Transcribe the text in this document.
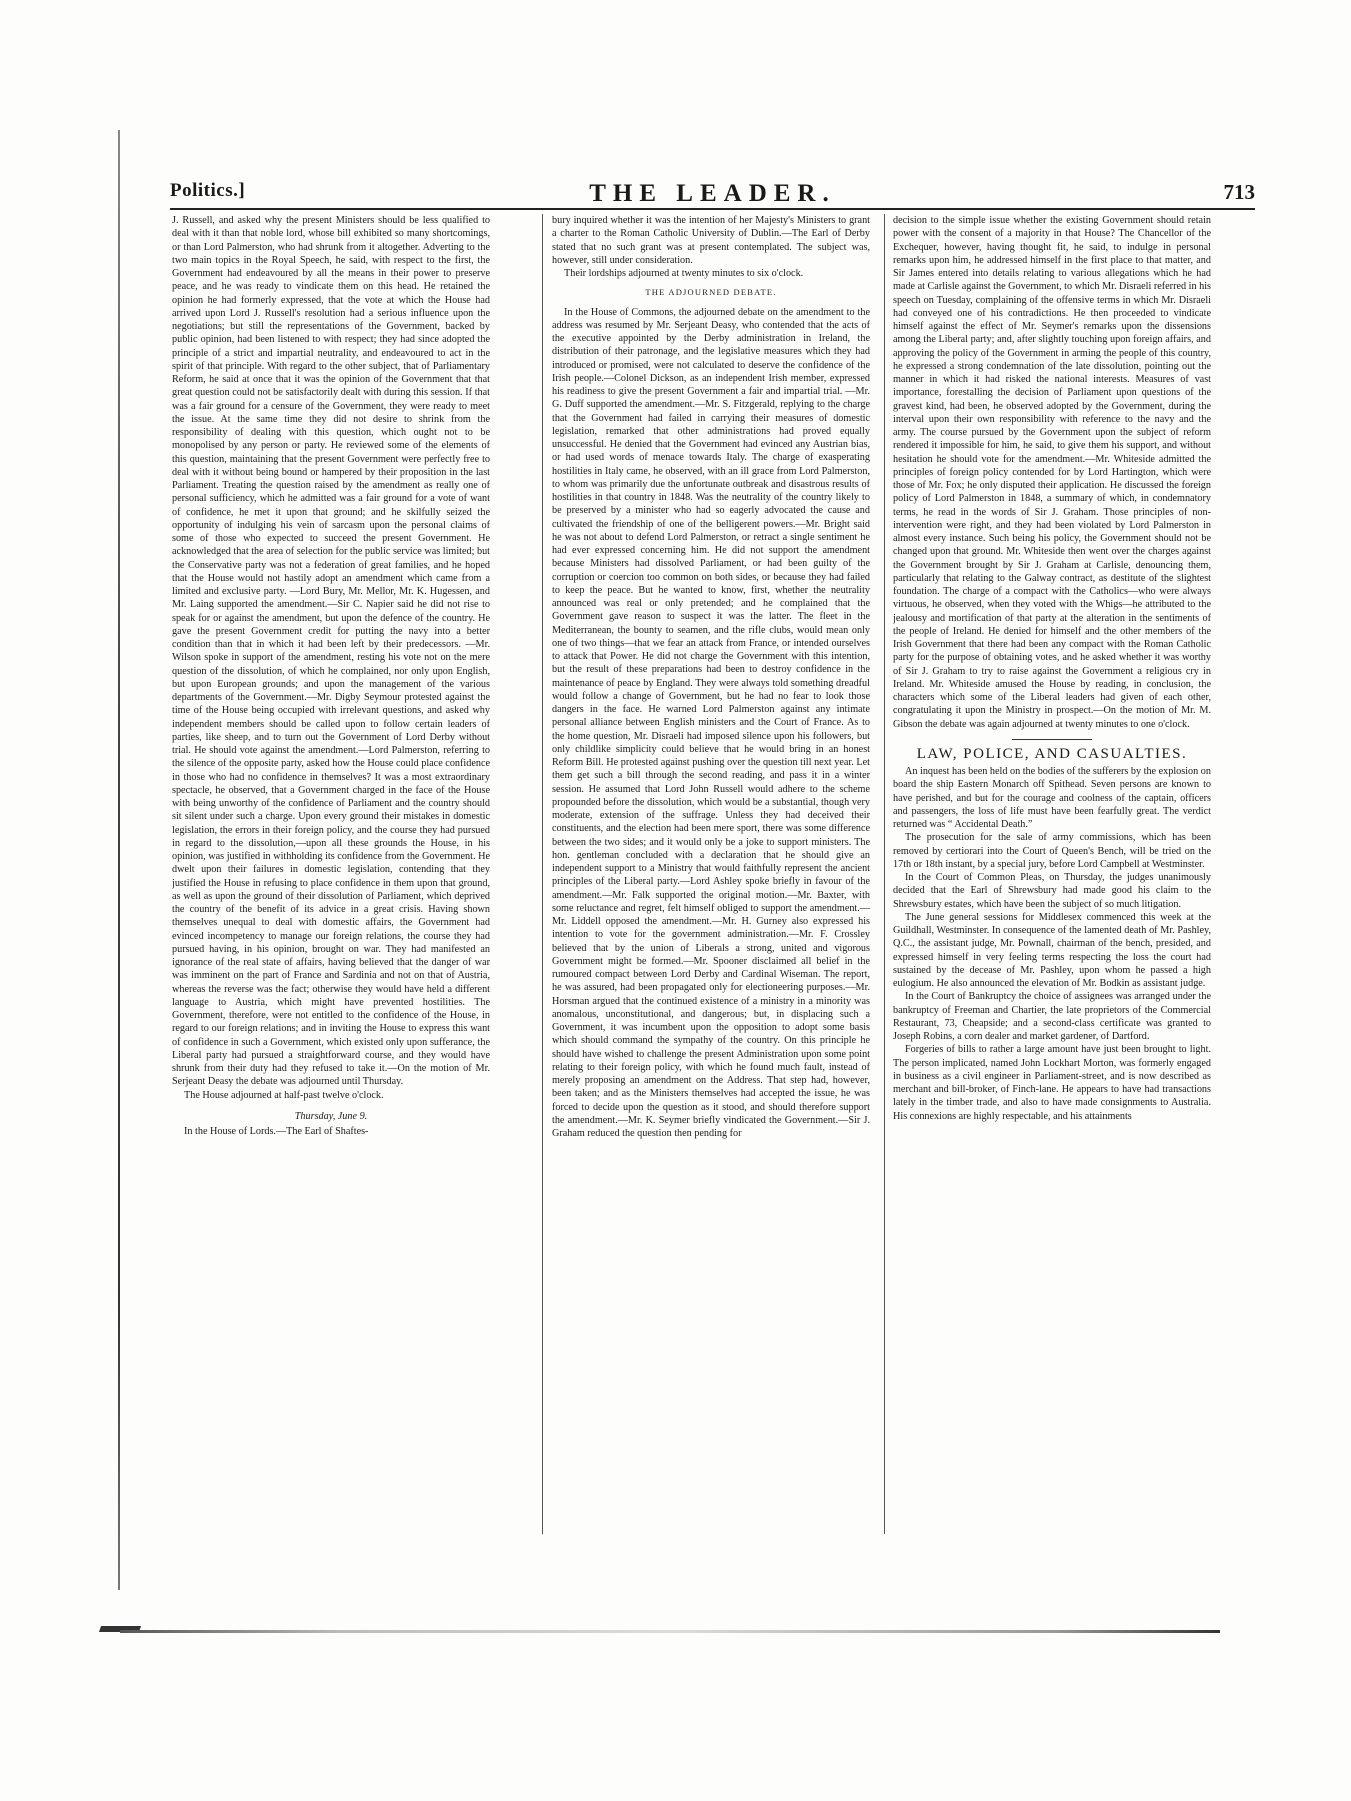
Politics.]	THE LEADER.	713

J. Russell, and asked why the present Ministers should be less qualified to deal with it than that noble lord, whose bill exhibited so many shortcomings, or than Lord Palmerston, who had shrunk from it altogether. Adverting to the two main topics in the Royal Speech, he said, with respect to the first, the Government had endeavoured by all the means in their power to preserve peace, and he was ready to vindicate them on this head. He retained the opinion he had formerly expressed, that the vote at which the House had arrived upon Lord J. Russell's resolution had a serious influence upon the negotiations; but still the representations of the Government, backed by public opinion, had been listened to with respect; they had since adopted the principle of a strict and impartial neutrality, and endeavoured to act in the spirit of that principle. With regard to the other subject, that of Parliamentary Reform, he said at once that it was the opinion of the Government that that great question could not be satisfactorily dealt with during this session. If that was a fair ground for a censure of the Government, they were ready to meet the issue. At the same time they did not desire to shrink from the responsibility of dealing with this question, which ought not to be monopolised by any person or party. He reviewed some of the elements of this question, maintaining that the present Government were perfectly free to deal with it without being bound or hampered by their proposition in the last Parliament. Treating the question raised by the amendment as really one of personal sufficiency, which he admitted was a fair ground for a vote of want of confidence, he met it upon that ground; and he skilfully seized the opportunity of indulging his vein of sarcasm upon the personal claims of some of those who expected to succeed the present Government. He acknowledged that the area of selection for the public service was limited; but the Conservative party was not a federation of great families, and he hoped that the House would not hastily adopt an amendment which came from a limited and exclusive party. —Lord Bury, Mr. Mellor, Mr. K. Hugessen, and Mr. Laing supported the amendment.—Sir C. Napier said he did not rise to speak for or against the amendment, but upon the defence of the country. He gave the present Government credit for putting the navy into a better condition than that in which it had been left by their predecessors. —Mr. Wilson spoke in support of the amendment, resting his vote not on the mere question of the dissolution, of which he complained, nor only upon English, but upon European grounds; and upon the management of the various departments of the Government.—Mr. Digby Seymour protested against the time of the House being occupied with irrelevant questions, and asked why independent members should be called upon to follow certain leaders of parties, like sheep, and to turn out the Government of Lord Derby without trial. He should vote against the amendment.—Lord Palmerston, referring to the silence of the opposite party, asked how the House could place confidence in those who had no confidence in themselves? It was a most extraordinary spectacle, he observed, that a Government charged in the face of the House with being unworthy of the confidence of Parliament and the country should sit silent under such a charge. Upon every ground their mistakes in domestic legislation, the errors in their foreign policy, and the course they had pursued in regard to the dissolution,—upon all these grounds the House, in his opinion, was justified in withholding its confidence from the Government. He dwelt upon their failures in domestic legislation, contending that they justified the House in refusing to place confidence in them upon that ground, as well as upon the ground of their dissolution of Parliament, which deprived the country of the benefit of its advice in a great crisis. Having shown themselves unequal to deal with domestic affairs, the Government had evinced incompetency to manage our foreign relations, the course they had pursued having, in his opinion, brought on war. They had manifested an ignorance of the real state of affairs, having believed that the danger of war was imminent on the part of France and Sardinia and not on that of Austria, whereas the reverse was the fact; otherwise they would have held a different language to Austria, which might have prevented hostilities. The Government, therefore, were not entitled to the confidence of the House, in regard to our foreign relations; and in inviting the House to express this want of confidence in such a Government, which existed only upon sufferance, the Liberal party had pursued a straightforward course, and they would have shrunk from their duty had they refused to take it.—On the motion of Mr. Serjeant Deasy the debate was adjourned until Thursday.

The House adjourned at half-past twelve o'clock.

Thursday, June 9.

In the House of Lords.—The Earl of Shaftes-

bury inquired whether it was the intention of her Majesty's Ministers to grant a charter to the Roman Catholic University of Dublin.—The Earl of Derby stated that no such grant was at present contemplated. The subject was, however, still under consideration.

Their lordships adjourned at twenty minutes to six o'clock.

THE ADJOURNED DEBATE.

In the House of Commons, the adjourned debate on the amendment to the address was resumed by Mr. Serjeant Deasy, who contended that the acts of the executive appointed by the Derby administration in Ireland, the distribution of their patronage, and the legislative measures which they had introduced or promised, were not calculated to deserve the confidence of the Irish people.—Colonel Dickson, as an independent Irish member, expressed his readiness to give the present Government a fair and impartial trial. —Mr. G. Duff supported the amendment.—Mr. S. Fitzgerald, replying to the charge that the Government had failed in carrying their measures of domestic legislation, remarked that other administrations had proved equally unsuccessful. He denied that the Government had evinced any Austrian bias, or had used words of menace towards Italy. The charge of exasperating hostilities in Italy came, he observed, with an ill grace from Lord Palmerston, to whom was primarily due the unfortunate outbreak and disastrous results of hostilities in that country in 1848. Was the neutrality of the country likely to be preserved by a minister who had so eagerly advocated the cause and cultivated the friendship of one of the belligerent powers.—Mr. Bright said he was not about to defend Lord Palmerston, or retract a single sentiment he had ever expressed concerning him. He did not support the amendment because Ministers had dissolved Parliament, or had been guilty of the corruption or coercion too common on both sides, or because they had failed to keep the peace. But he wanted to know, first, whether the neutrality announced was real or only pretended; and he complained that the Government gave reason to suspect it was the latter. The fleet in the Mediterranean, the bounty to seamen, and the rifle clubs, would mean only one of two things—that we fear an attack from France, or intended ourselves to attack that Power. He did not charge the Government with this intention, but the result of these preparations had been to destroy confidence in the maintenance of peace by England. They were always told something dreadful would follow a change of Government, but he had no fear to look those dangers in the face. He warned Lord Palmerston against any intimate personal alliance between English ministers and the Court of France. As to the home question, Mr. Disraeli had imposed silence upon his followers, but only childlike simplicity could believe that he would bring in an honest Reform Bill. He protested against pushing over the question till next year. Let them get such a bill through the second reading, and pass it in a winter session. He assumed that Lord John Russell would adhere to the scheme propounded before the dissolution, which would be a substantial, though very moderate, extension of the suffrage. Unless they had deceived their constituents, and the election had been mere sport, there was some difference between the two sides; and it would only be a joke to support ministers. The hon. gentleman concluded with a declaration that he should give an independent support to a Ministry that would faithfully represent the ancient principles of the Liberal party.—Lord Ashley spoke briefly in favour of the amendment.—Mr. Falk supported the original motion.—Mr. Baxter, with some reluctance and regret, felt himself obliged to support the amendment.—Mr. Liddell opposed the amendment.—Mr. H. Gurney also expressed his intention to vote for the government administration.—Mr. F. Crossley believed that by the union of Liberals a strong, united and vigorous Government might be formed.—Mr. Spooner disclaimed all belief in the rumoured compact between Lord Derby and Cardinal Wiseman. The report, he was assured, had been propagated only for electioneering purposes.—Mr. Horsman argued that the continued existence of a ministry in a minority was anomalous, unconstitutional, and dangerous; but, in displacing such a Government, it was incumbent upon the opposition to adopt some basis which should command the sympathy of the country. On this principle he should have wished to challenge the present Administration upon some point relating to their foreign policy, with which he found much fault, instead of merely proposing an amendment on the Address. That step had, however, been taken; and as the Ministers themselves had accepted the issue, he was forced to decide upon the question as it stood, and should therefore support the amendment.—Mr. K. Seymer briefly vindicated the Government.—Sir J. Graham reduced the question then pending for

decision to the simple issue whether the existing Government should retain power with the consent of a majority in that House? The Chancellor of the Exchequer, however, having thought fit, he said, to indulge in personal remarks upon him, he addressed himself in the first place to that matter, and Sir James entered into details relating to various allegations which he had made at Carlisle against the Government, to which Mr. Disraeli referred in his speech on Tuesday, complaining of the offensive terms in which Mr. Disraeli had conveyed one of his contradictions. He then proceeded to vindicate himself against the effect of Mr. Seymer's remarks upon the dissensions among the Liberal party; and, after slightly touching upon foreign affairs, and approving the policy of the Government in arming the people of this country, he expressed a strong condemnation of the late dissolution, pointing out the manner in which it had risked the national interests. Measures of vast importance, forestalling the decision of Parliament upon questions of the gravest kind, had been, he observed adopted by the Government, during the interval upon their own responsibility with reference to the navy and the army. The course pursued by the Government upon the subject of reform rendered it impossible for him, he said, to give them his support, and without hesitation he should vote for the amendment.—Mr. Whiteside admitted the principles of foreign policy contended for by Lord Hartington, which were those of Mr. Fox; he only disputed their application. He discussed the foreign policy of Lord Palmerston in 1848, a summary of which, in condemnatory terms, he read in the words of Sir J. Graham. Those principles of non-intervention were right, and they had been violated by Lord Palmerston in almost every instance. Such being his policy, the Government should not be changed upon that ground. Mr. Whiteside then went over the charges against the Government brought by Sir J. Graham at Carlisle, denouncing them, particularly that relating to the Galway contract, as destitute of the slightest foundation. The charge of a compact with the Catholics—who were always virtuous, he observed, when they voted with the Whigs—he attributed to the jealousy and mortification of that party at the alteration in the sentiments of the people of Ireland. He denied for himself and the other members of the Irish Government that there had been any compact with the Roman Catholic party for the purpose of obtaining votes, and he asked whether it was worthy of Sir J. Graham to try to raise against the Government a religious cry in Ireland. Mr. Whiteside amused the House by reading, in conclusion, the characters which some of the Liberal leaders had given of each other, congratulating it upon the Ministry in prospect.—On the motion of Mr. M. Gibson the debate was again adjourned at twenty minutes to one o'clock.

LAW, POLICE, AND CASUALTIES.

An inquest has been held on the bodies of the sufferers by the explosion on board the ship Eastern Monarch off Spithead. Seven persons are known to have perished, and but for the courage and coolness of the captain, officers and passengers, the loss of life must have been fearfully great. The verdict returned was “ Accidental Death.”

The prosecution for the sale of army commissions, which has been removed by certiorari into the Court of Queen's Bench, will be tried on the 17th or 18th instant, by a special jury, before Lord Campbell at Westminster.

In the Court of Common Pleas, on Thursday, the judges unanimously decided that the Earl of Shrewsbury had made good his claim to the Shrewsbury estates, which have been the subject of so much litigation.

The June general sessions for Middlesex commenced this week at the Guildhall, Westminster. In consequence of the lamented death of Mr. Pashley, Q.C., the assistant judge, Mr. Pownall, chairman of the bench, presided, and expressed himself in very feeling terms respecting the loss the court had sustained by the decease of Mr. Pashley, upon whom he passed a high eulogium. He also announced the elevation of Mr. Bodkin as assistant judge.

In the Court of Bankruptcy the choice of assignees was arranged under the bankruptcy of Freeman and Chartier, the late proprietors of the Commercial Restaurant, 73, Cheapside; and a second-class certificate was granted to Joseph Robins, a corn dealer and market gardener, of Dartford.

Forgeries of bills to rather a large amount have just been brought to light. The person implicated, named John Lockhart Morton, was formerly engaged in business as a civil engineer in Parliament-street, and is now described as merchant and bill-broker, of Finch-lane. He appears to have had transactions lately in the timber trade, and also to have made consignments to Australia. His connexions are highly respectable, and his attainments
